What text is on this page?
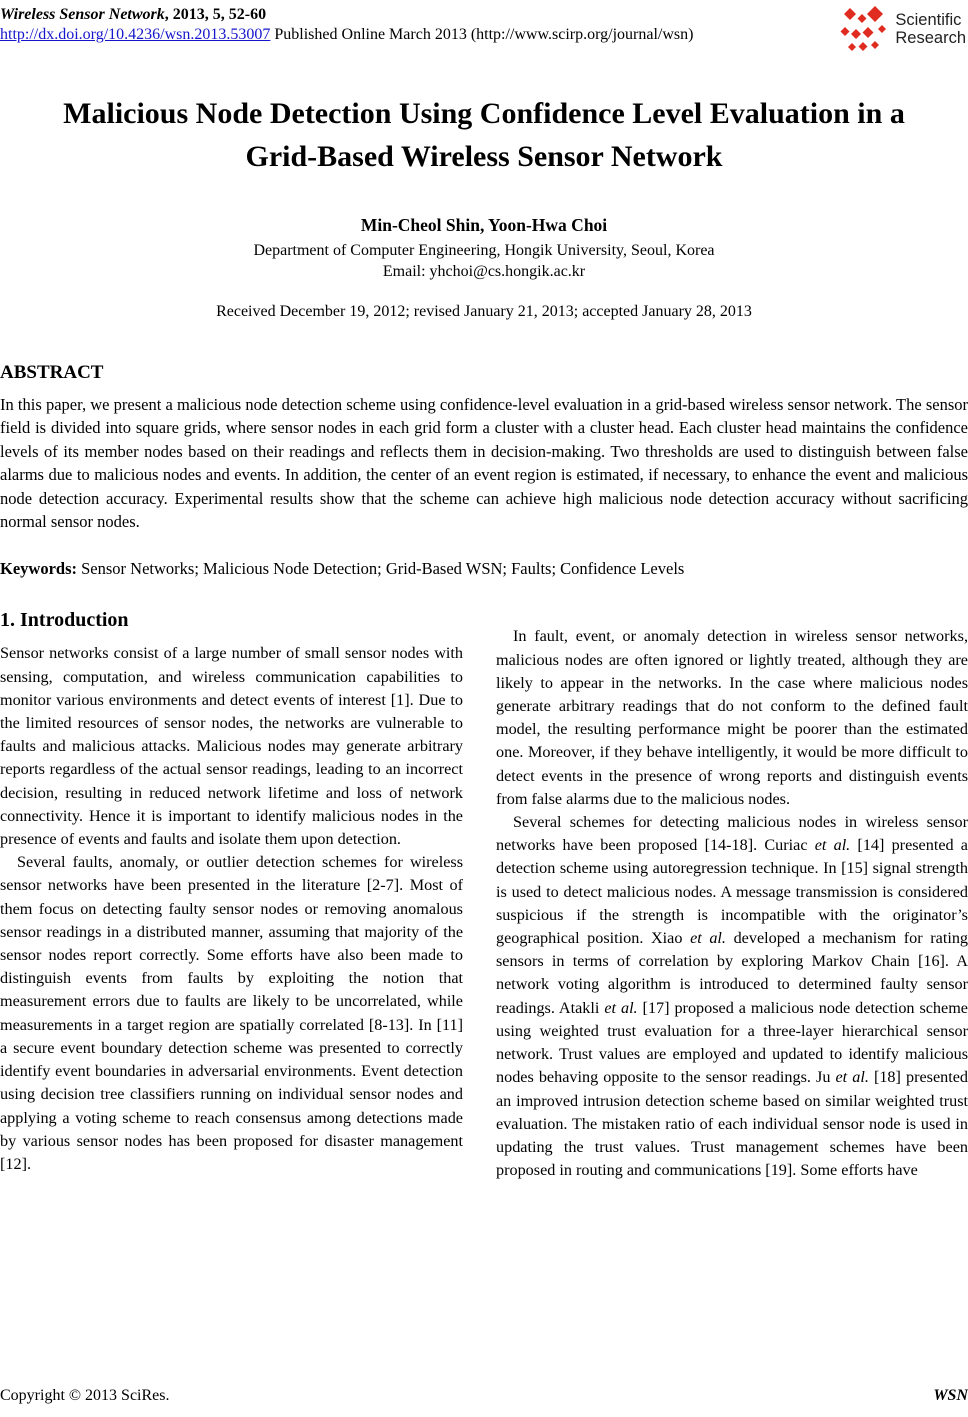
Wireless Sensor Network, 2013, 5, 52-60
http://dx.doi.org/10.4236/wsn.2013.53007 Published Online March 2013 (http://www.scirp.org/journal/wsn)
Scientific
Research
Malicious Node Detection Using Confidence Level Evaluation in a Grid-Based Wireless Sensor Network
Min-Cheol Shin, Yoon-Hwa Choi
Department of Computer Engineering, Hongik University, Seoul, Korea
Email: yhchoi@cs.hongik.ac.kr
Received December 19, 2012; revised January 21, 2013; accepted January 28, 2013
ABSTRACT
In this paper, we present a malicious node detection scheme using confidence-level evaluation in a grid-based wireless sensor network. The sensor field is divided into square grids, where sensor nodes in each grid form a cluster with a cluster head. Each cluster head maintains the confidence levels of its member nodes based on their readings and reflects them in decision-making. Two thresholds are used to distinguish between false alarms due to malicious nodes and events. In addition, the center of an event region is estimated, if necessary, to enhance the event and malicious node detection accuracy. Experimental results show that the scheme can achieve high malicious node detection accuracy without sacrificing normal sensor nodes.
Keywords: Sensor Networks; Malicious Node Detection; Grid-Based WSN; Faults; Confidence Levels
1. Introduction

Sensor networks consist of a large number of small sensor nodes with sensing, computation, and wireless communication capabilities to monitor various environments and detect events of interest [1]. Due to the limited resources of sensor nodes, the networks are vulnerable to faults and malicious attacks. Malicious nodes may generate arbitrary reports regardless of the actual sensor readings, leading to an incorrect decision, resulting in reduced network lifetime and loss of network connectivity. Hence it is important to identify malicious nodes in the presence of events and faults and isolate them upon detection.

Several faults, anomaly, or outlier detection schemes for wireless sensor networks have been presented in the literature [2-7]. Most of them focus on detecting faulty sensor nodes or removing anomalous sensor readings in a distributed manner, assuming that majority of the sensor nodes report correctly. Some efforts have also been made to distinguish events from faults by exploiting the notion that measurement errors due to faults are likely to be uncorrelated, while measurements in a target region are spatially correlated [8-13]. In [11] a secure event boundary detection scheme was presented to correctly identify event boundaries in adversarial environments. Event detection using decision tree classifiers running on individual sensor nodes and applying a voting scheme to reach consensus among detections made by various sensor nodes has been proposed for disaster management [12].

In fault, event, or anomaly detection in wireless sensor networks, malicious nodes are often ignored or lightly treated, although they are likely to appear in the networks. In the case where malicious nodes generate arbitrary readings that do not conform to the defined fault model, the resulting performance might be poorer than the estimated one. Moreover, if they behave intelligently, it would be more difficult to detect events in the presence of wrong reports and distinguish events from false alarms due to the malicious nodes.

Several schemes for detecting malicious nodes in wireless sensor networks have been proposed [14-18]. Curiac et al. [14] presented a detection scheme using autoregression technique. In [15] signal strength is used to detect malicious nodes. A message transmission is considered suspicious if the strength is incompatible with the originator’s geographical position. Xiao et al. developed a mechanism for rating sensors in terms of correlation by exploring Markov Chain [16]. A network voting algorithm is introduced to determined faulty sensor readings. Atakli et al. [17] proposed a malicious node detection scheme using weighted trust evaluation for a three-layer hierarchical sensor network. Trust values are employed and updated to identify malicious nodes behaving opposite to the sensor readings. Ju et al. [18] presented an improved intrusion detection scheme based on similar weighted trust evaluation. The mistaken ratio of each individual sensor node is used in updating the trust values. Trust management schemes have been proposed in routing and communications [19]. Some efforts have

Copyright © 2013 SciRes.	WSN
